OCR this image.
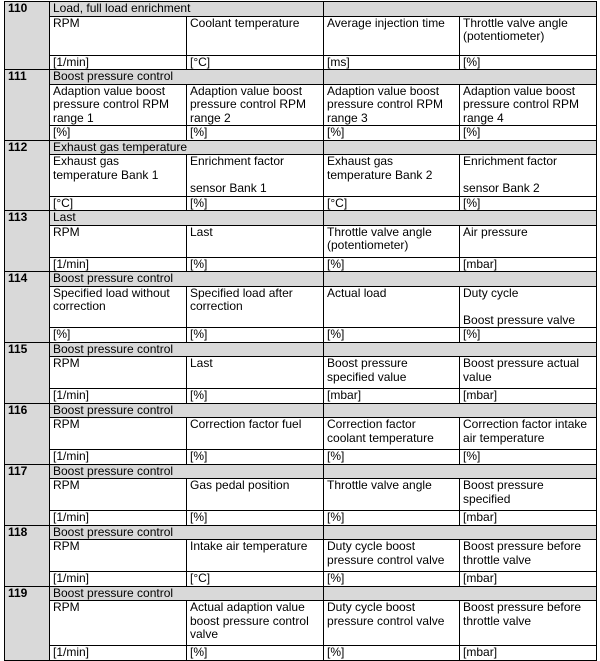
110	Load, full load enrichment			
	RPM	Coolant temperature	Average injection time	Throttle valve angle
(potentiometer)
	[1/min]	[°C]	[ms]	[%]
111	Boost pressure control			
	Adaption value boost
pressure control RPM
range 1	Adaption value boost
pressure control RPM
range 2	Adaption value boost
pressure control RPM
range 3	Adaption value boost
pressure control RPM
range 4
	[%]	[%]	[%]	[%]
112	Exhaust gas temperature			
	Exhaust gas
temperature Bank 1	Enrichment factor

sensor Bank 1	Exhaust gas
temperature Bank 2	Enrichment factor

sensor Bank 2
	[°C]	[%]	[°C]	[%]
113	Last			
	RPM	Last	Throttle valve angle
(potentiometer)	Air pressure
	[1/min]	[%]	[%]	[mbar]
114	Boost pressure control			
	Specified load without
correction	Specified load after
correction	Actual load	Duty cycle

Boost pressure valve
	[%]	[%]	[%]	[%]
115	Boost pressure control			
	RPM	Last	Boost pressure
specified value	Boost pressure actual
value
	[1/min]	[%]	[mbar]	[mbar]
116	Boost pressure control			
	RPM	Correction factor fuel	Correction factor
coolant temperature	Correction factor intake
air temperature
	[1/min]	[%]	[%]	[%]
117	Boost pressure control			
	RPM	Gas pedal position	Throttle valve angle	Boost pressure
specified
	[1/min]	[%]	[%]	[mbar]
118	Boost pressure control			
	RPM	Intake air temperature	Duty cycle boost
pressure control valve	Boost pressure before
throttle valve
	[1/min]	[°C]	[%]	[mbar]
119	Boost pressure control			
	RPM	Actual adaption value
boost pressure control
valve	Duty cycle boost
pressure control valve	Boost pressure before
throttle valve
	[1/min]	[%]	[%]	[mbar]
